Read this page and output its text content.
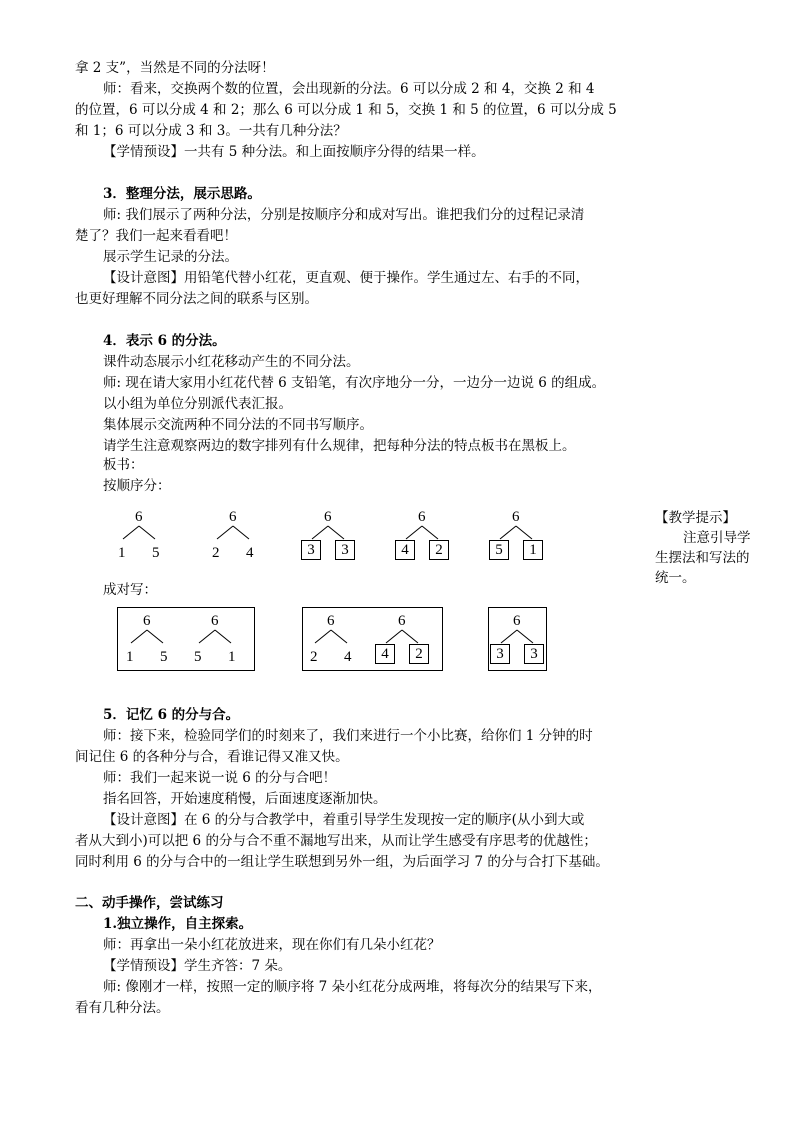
拿 2 支”，当然是不同的分法呀！
师：看来，交换两个数的位置，会出现新的分法。6 可以分成 2 和 4，交换 2 和 4
的位置，6 可以分成 4 和 2；那么 6 可以分成 1 和 5，交换 1 和 5 的位置，6 可以分成 5
和 1；6 可以分成 3 和 3。一共有几种分法？
【学情预设】一共有 5 种分法。和上面按顺序分得的结果一样。
3．整理分法，展示思路。
师: 我们展示了两种分法，分别是按顺序分和成对写出。谁把我们分的过程记录清
楚了？我们一起来看看吧！
展示学生记录的分法。
【设计意图】用铅笔代替小红花，更直观、便于操作。学生通过左、右手的不同，
也更好理解不同分法之间的联系与区别。
4．表示 6 的分法。
课件动态展示小红花移动产生的不同分法。
师: 现在请大家用小红花代替 6 支铅笔，有次序地分一分，一边分一边说 6 的组成。
以小组为单位分别派代表汇报。
集体展示交流两种不同分法的不同书写顺序。
请学生注意观察两边的数字排列有什么规律，把每种分法的特点板书在黑板上。
板书：
按顺序分：
【教学提示】
注意引导学
生摆法和写法的
统一。
6
1 5
6
2 4
6
3	3
6
4	2
6
5	1
成对写：
6
1 5
6
5 1
6
2 4
6
4	2
6
3	3
5．记忆 6 的分与合。
师：接下来，检验同学们的时刻来了，我们来进行一个小比赛，给你们 1 分钟的时
间记住 6 的各种分与合，看谁记得又准又快。
师：我们一起来说一说 6 的分与合吧！
指名回答，开始速度稍慢，后面速度逐渐加快。
【设计意图】在 6 的分与合教学中，着重引导学生发现按一定的顺序(从小到大或
者从大到小)可以把 6 的分与合不重不漏地写出来，从而让学生感受有序思考的优越性；
同时利用 6 的分与合中的一组让学生联想到另外一组，为后面学习 7 的分与合打下基础。
二、动手操作，尝试练习
1.独立操作，自主探索。
师：再拿出一朵小红花放进来，现在你们有几朵小红花？
【学情预设】学生齐答：7 朵。
师: 像刚才一样，按照一定的顺序将 7 朵小红花分成两堆，将每次分的结果写下来，
看有几种分法。
